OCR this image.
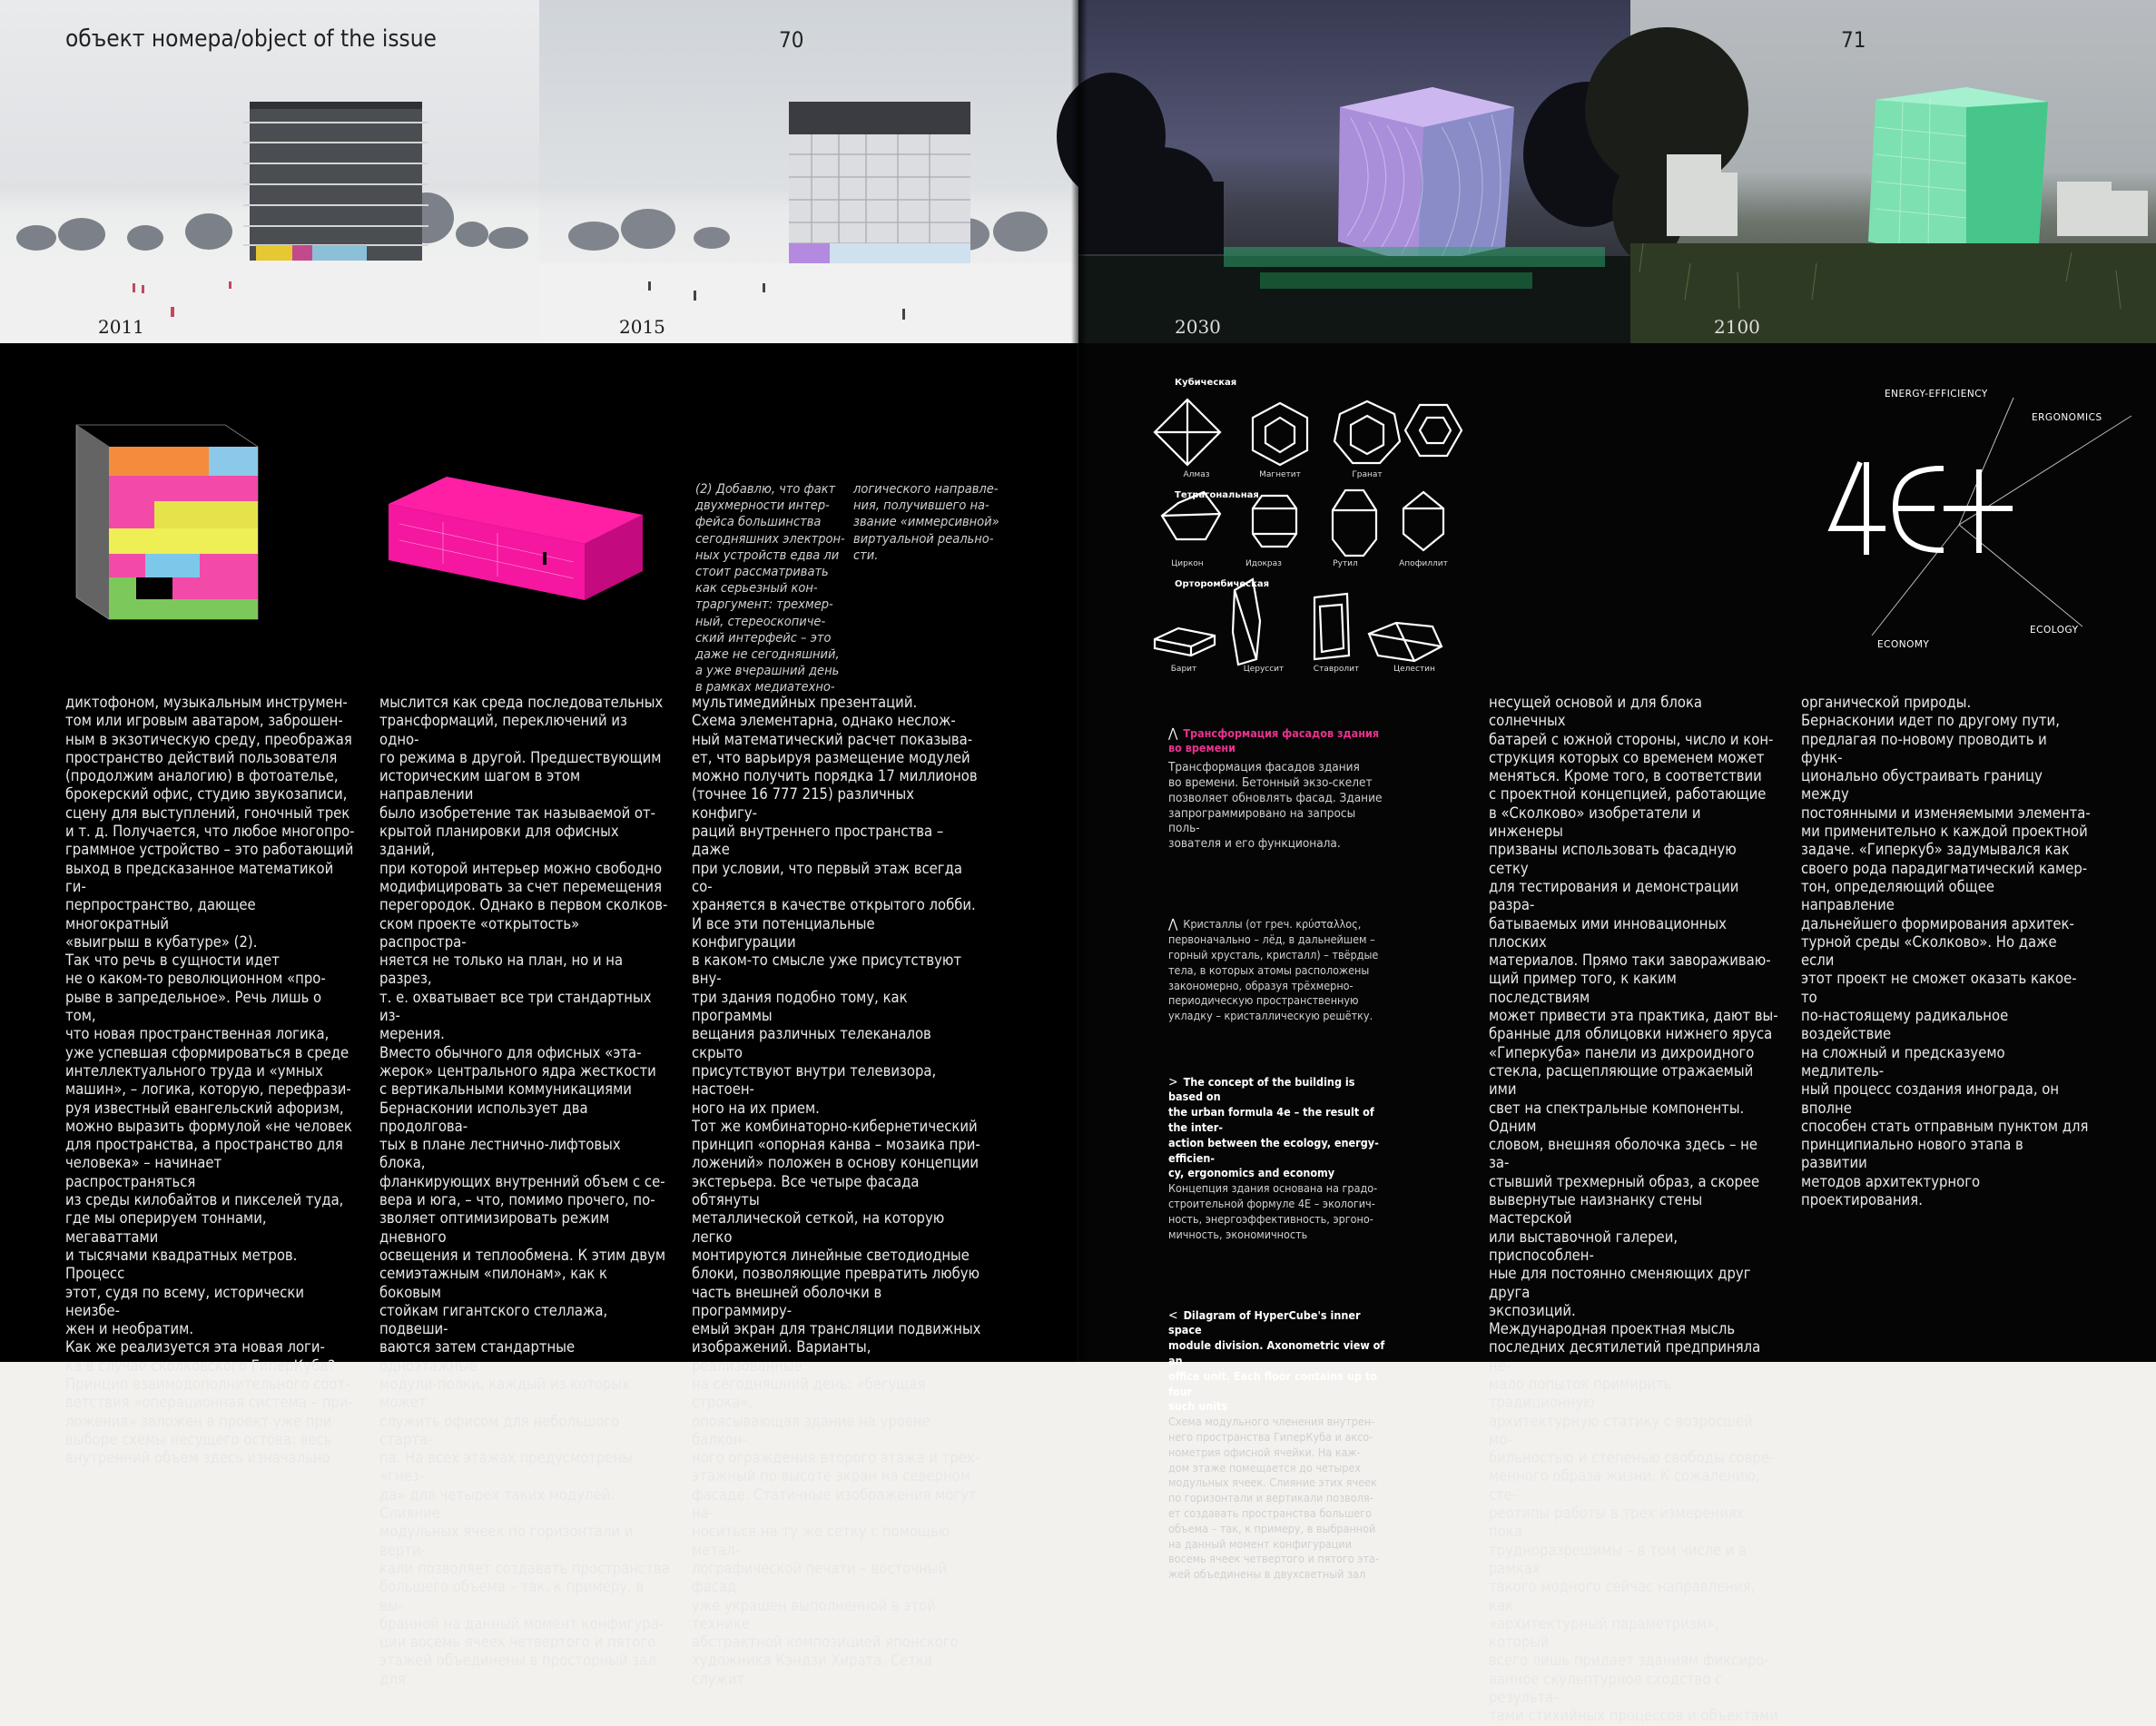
2011
70
2015
объект номера/object of the issue
(2) Добавлю, что факт
двухмерности интер-
фейса большинства
сегодняшних электрон-
ных устройств едва ли
стоит рассматривать
как серьезный кон-
траргумент: трехмер-
ный, стереоскопиче-
ский интерфейс – это
даже не сегодняшний,
а уже вчерашний день
в рамках медиатехно-
логического направле-
ния, получившего на-
звание «иммерсивной»
виртуальной реально-
сти.
диктофоном, музыкальным инструмен-
том или игровым аватаром, заброшен-
ным в экзотическую среду, преображая
пространство действий пользователя
(продолжим аналогию) в фотоателье,
брокерский офис, студию звукозаписи,
сцену для выступлений, гоночный трек
и т. д. Получается, что любое многопро-
граммное устройство – это работающий
выход в предсказанное математикой ги-
перпространство, дающее многократный
«выигрыш в кубатуре» (2).
Так что речь в сущности идет
не о каком-то революционном «про-
рыве в запредельное». Речь лишь о том,
что новая пространственная логика,
уже успевшая сформироваться в среде
интеллектуального труда и «умных
машин», – логика, которую, перефрази-
руя известный евангельский афоризм,
можно выразить формулой «не человек
для пространства, а пространство для
человека» – начинает распространяться
из среды килобайтов и пикселей туда,
где мы оперируем тоннами, мегаваттами
и тысячами квадратных метров. Процесс
этот, судя по всему, исторически неизбе-
жен и необратим.
Как же реализуется эта новая логи-
ка в случае сколковского ГиперКуба?
Принцип взаимодополнительного соот-
ветствия «операционная система – при-
ложения» заложен в проект уже при
выборе схемы несущего остова: весь
внутренний объем здесь изначально
мыслится как среда последовательных
трансформаций, переключений из одно-
го режима в другой. Предшествующим
историческим шагом в этом направлении
было изобретение так называемой от-
крытой планировки для офисных зданий,
при которой интерьер можно свободно
модифицировать за счет перемещения
перегородок. Однако в первом сколков-
ском проекте «открытость» распростра-
няется не только на план, но и на разрез,
т. е. охватывает все три стандартных из-
мерения.
Вместо обычного для офисных «эта-
жерок» центрального ядра жесткости
с вертикальными коммуникациями
Бернасконии использует два продолгова-
тых в плане лестнично-лифтовых блока,
фланкирующих внутренний объем с се-
вера и юга, – что, помимо прочего, по-
зволяет оптимизировать режим дневного
освещения и теплообмена. К этим двум
семиэтажным «пилонам», как к боковым
стойкам гигантского стеллажа, подвеши-
ваются затем стандартные одноэтажные
модули-полки, каждый из которых может
служить офисом для небольшого стартa-
па. На всех этажах предусмотрены «гнез-
да» для четырех таких модулей. Слияние
модульных ячеек по горизонтали и верти-
кали позволяет создавать пространства
большего объема – так, к примеру, в вы-
бранной на данный момент конфигура-
ции восемь ячеек четвертого и пятого
этажей объединены в просторный зал для
мультимедийных презентаций.
Схема элементарна, однако неслож-
ный математический расчет показыва-
ет, что варьируя размещение модулей
можно получить порядка 17 миллионов
(точнее 16 777 215) различных конфигу-
раций внутреннего пространства – даже
при условии, что первый этаж всегда со-
храняется в качестве открытого лобби.
И все эти потенциальные конфигурации
в каком-то смысле уже присутствуют вну-
три здания подобно тому, как программы
вещания различных телеканалов скрыто
присутствуют внутри телевизора, настоен-
ного на их прием.
Тот же комбинаторно-кибернетический
принцип «опорная канва – мозаика при-
ложений» положен в основу концепции
экстерьера. Все четыре фасада обтянуты
металлической сеткой, на которую легко
монтируются линейные светодиодные
блоки, позволяющие превратить любую
часть внешней оболочки в программиру-
емый экран для трансляции подвижных
изображений. Варианты, реализованные
на сегодняшний день: «бегущая строка»,
опоясывающая здание на уровне балкон-
ного ограждения второго этажа и трех-
этажный по высоте экран на северном
фасаде. Статичные изображения могут на-
носиться на ту же сетку с помощью метал-
лографической печати – восточный фасад
уже украшен выполненной в этой технике
абстрактной композицией японского
художника Кэндзи Хирата. Сетка служит
2030
71
2100
Кубическая
Алмаз	Магнетит	Гранат
Тетрагональная
Циркон	Идокраз	Рутил	Апофиллит
Орторомбическая
Барит	Церуссит	Ставролит	Целестин
ENERGY-EFFICIENCY
ERGONOMICS
ECOLOGY
ECONOMY

⋀ Трансформация фасадов здания
во времени

Трансформация фасадов здания
во времени. Бетонный экзо-скелет
позволяет обновлять фасад. Здание
запрограммировано на запросы поль-
зователя и его функционала.

⋀ Кристаллы (от греч. κρύσταλλος,
первоначально – лёд, в дальнейшем –
горный хрусталь, кристалл) – твёрдые
тела, в которых атомы расположены
закономерно, образуя трёхмерно-
периодическую пространственную
укладку – кристаллическую решётку.

> The concept of the building is based on
the urban formula 4e – the result of the inter-
action between the ecology, energy-efficien-
cy, ergonomics and economy

Концепция здания основана на градо-
строительной формуле 4E – экологич-
ность, энергоэффективность, эргоно-
мичность, экономичность

< Dilagram of HyperCube's inner space
module division. Axonometric view of an
office unit. Each floor contains up to four
such units

Схема модульного членения внутрен-
него пространства ГиперКуба и аксо-
нометрия офисной ячейки. На каж-
дом этаже помещается до четырех
модульных ячеек. Слияние этих ячеек
по горизонтали и вертикали позволя-
ет создавать пространства большего
объема – так, к примеру, в выбранной
на данный момент конфигурации
восемь ячеек четвертого и пятого эта-
жей объединены в двухсветный зал

несущей основой и для блока солнечных
батарей с южной стороны, число и кон-
струкция которых со временем может
меняться. Кроме того, в соответствии
с проектной концепцией, работающие
в «Сколково» изобретатели и инженеры
призваны использовать фасадную сетку
для тестирования и демонстрации разра-
батываемых ими инновационных плоских
материалов. Прямо таки завораживаю-
щий пример того, к каким последствиям
может привести эта практика, дают вы-
бранные для облицовки нижнего яруса
«Гиперкуба» панели из дихроидного
стекла, расщепляющие отражаемый ими
свет на спектральные компоненты. Одним
словом, внешняя оболочка здесь – не за-
стывший трехмерный образ, а скорее
вывернутые наизнанку стены мастерской
или выставочной галереи, приспособлен-
ные для постоянно сменяющих друг друга
экспозиций.
Международная проектная мысль
последних десятилетий предприняла не-
мало попыток примирить традиционную
архитектурную статику с возросшей мо-
бильностью и степенью свободы совре-
менного образа жизни. К сожалению, сте-
реотипы работы в трех измерениях пока
трудноразрешимы – в том числе и в рамках
такого модного сейчас направления, как
«архитектурный параметризм», который
всего лишь придает зданиям фиксиро-
ванное скульптурное сходство с результа-
тами стихийных процессов и объектами
органической природы.
Бернасконии идет по другому пути,
предлагая по-новому проводить и функ-
ционально обустраивать границу между
постоянными и изменяемыми элемента-
ми применительно к каждой проектной
задаче. «Гиперкуб» задумывался как
своего рода парадигматический камер-
тон, определяющий общее направление
дальнейшего формирования архитек-
турной среды «Сколково». Но даже если
этот проект не сможет оказать какое-то
по-настоящему радикальное воздействие
на сложный и предсказуемо медлитель-
ный процесс создания инограда, он вполне
способен стать отправным пунктом для
принципиально нового этапа в развитии
методов архитектурного проектирования.
